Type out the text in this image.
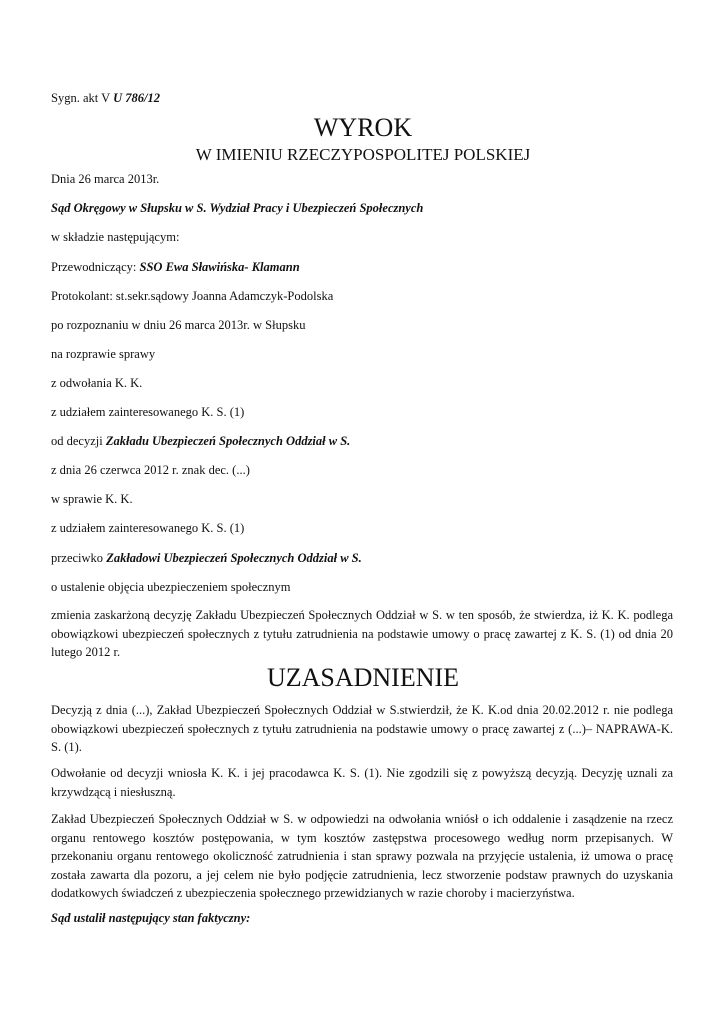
Sygn. akt V U 786/12
WYROK
W IMIENIU RZECZYPOSPOLITEJ POLSKIEJ
Dnia 26 marca 2013r.
Sąd Okręgowy w Słupsku w S. Wydział Pracy i Ubezpieczeń Społecznych
w składzie następującym:
Przewodniczący: SSO Ewa Sławińska- Klamann
Protokolant: st.sekr.sądowy Joanna Adamczyk-Podolska
po rozpoznaniu w dniu 26 marca 2013r. w Słupsku
na rozprawie sprawy
z odwołania K. K.
z udziałem zainteresowanego K. S. (1)
od decyzji Zakładu Ubezpieczeń Społecznych Oddział w S.
z dnia 26 czerwca 2012 r. znak dec. (...)
w sprawie K. K.
z udziałem zainteresowanego K. S. (1)
przeciwko Zakładowi Ubezpieczeń Społecznych Oddział w S.
o ustalenie objęcia ubezpieczeniem społecznym
zmienia zaskarżoną decyzję Zakładu Ubezpieczeń Społecznych Oddział w S. w ten sposób, że stwierdza, iż K. K. podlega obowiązkowi ubezpieczeń społecznych z tytułu zatrudnienia na podstawie umowy o pracę zawartej z K. S. (1) od dnia 20 lutego 2012 r.
UZASADNIENIE
Decyzją z dnia (...), Zakład Ubezpieczeń Społecznych Oddział w S.stwierdził, że K. K.od dnia 20.02.2012 r. nie podlega obowiązkowi ubezpieczeń społecznych z tytułu zatrudnienia na podstawie umowy o pracę zawartej z (...)– NAPRAWA-K. S. (1).
Odwołanie od decyzji wniosła K. K. i jej pracodawca K. S. (1). Nie zgodzili się z powyższą decyzją. Decyzję uznali za krzywdzącą i niesłuszną.
Zakład Ubezpieczeń Społecznych Oddział w S. w odpowiedzi na odwołania wniósł o ich oddalenie i zasądzenie na rzecz organu rentowego kosztów postępowania, w tym kosztów zastępstwa procesowego według norm przepisanych. W przekonaniu organu rentowego okoliczność zatrudnienia i stan sprawy pozwala na przyjęcie ustalenia, iż umowa o pracę została zawarta dla pozoru, a jej celem nie było podjęcie zatrudnienia, lecz stworzenie podstaw prawnych do uzyskania dodatkowych świadczeń z ubezpieczenia społecznego przewidzianych w razie choroby i macierzyństwa.
Sąd ustalił następujący stan faktyczny:
